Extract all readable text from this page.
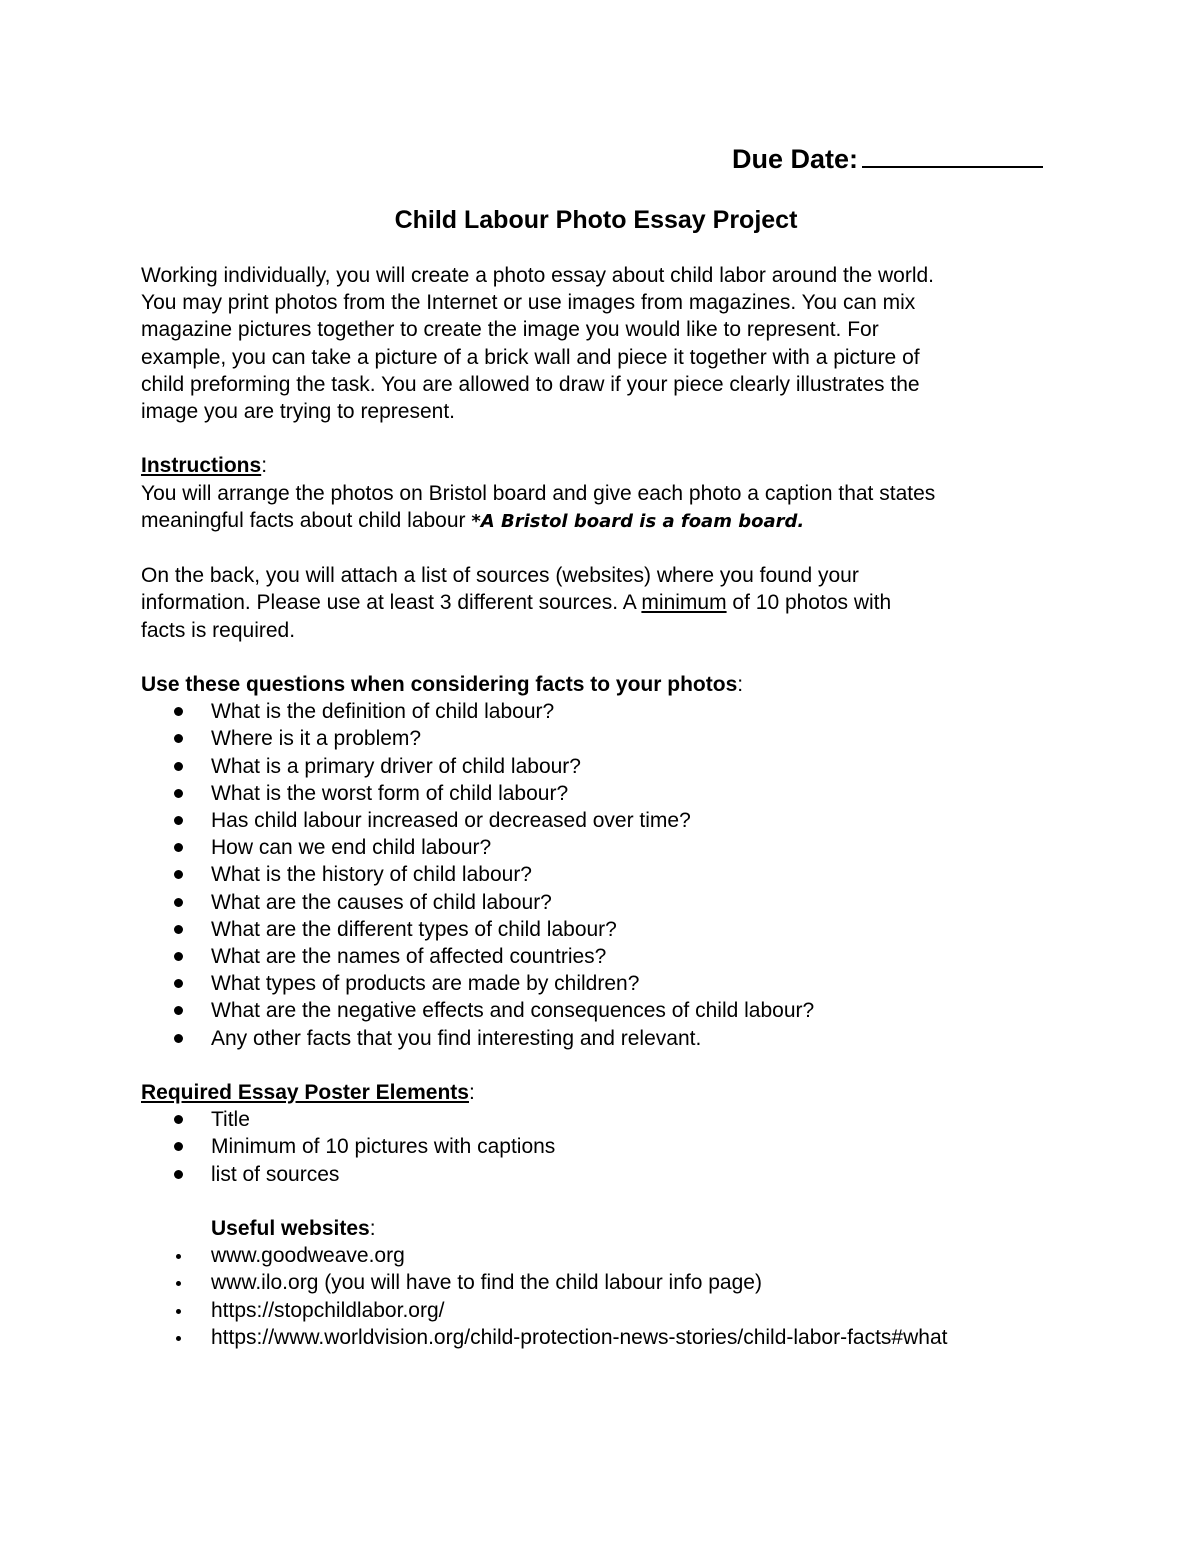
Due Date:
Child Labour Photo Essay Project

Working individually, you will create a photo essay about child labor around the world.

You may print photos from the Internet or use images from magazines. You can mix

magazine pictures together to create the image you would like to represent. For

example, you can take a picture of a brick wall and piece it together with a picture of

child preforming the task. You are allowed to draw if your piece clearly illustrates the

image you are trying to represent.

Instructions:

You will arrange the photos on Bristol board and give each photo a caption that states

meaningful facts about child labour *A Bristol board is a foam board.

On the back, you will attach a list of sources (websites) where you found your

information. Please use at least 3 different sources. A minimum of 10 photos with

facts is required.

Use these questions when considering facts to your photos:

What is the definition of child labour?
Where is it a problem?
What is a primary driver of child labour?
What is the worst form of child labour?
Has child labour increased or decreased over time?
How can we end child labour?
What is the history of child labour?
What are the causes of child labour?
What are the different types of child labour?
What are the names of affected countries?
What types of products are made by children?
What are the negative effects and consequences of child labour?
Any other facts that you find interesting and relevant.

Required Essay Poster Elements:

Title
Minimum of 10 pictures with captions
list of sources

Useful websites:

www.goodweave.org
www.ilo.org (you will have to find the child labour info page)
https://stopchildlabor.org/
https://www.worldvision.org/child-protection-news-stories/child-labor-facts#what
